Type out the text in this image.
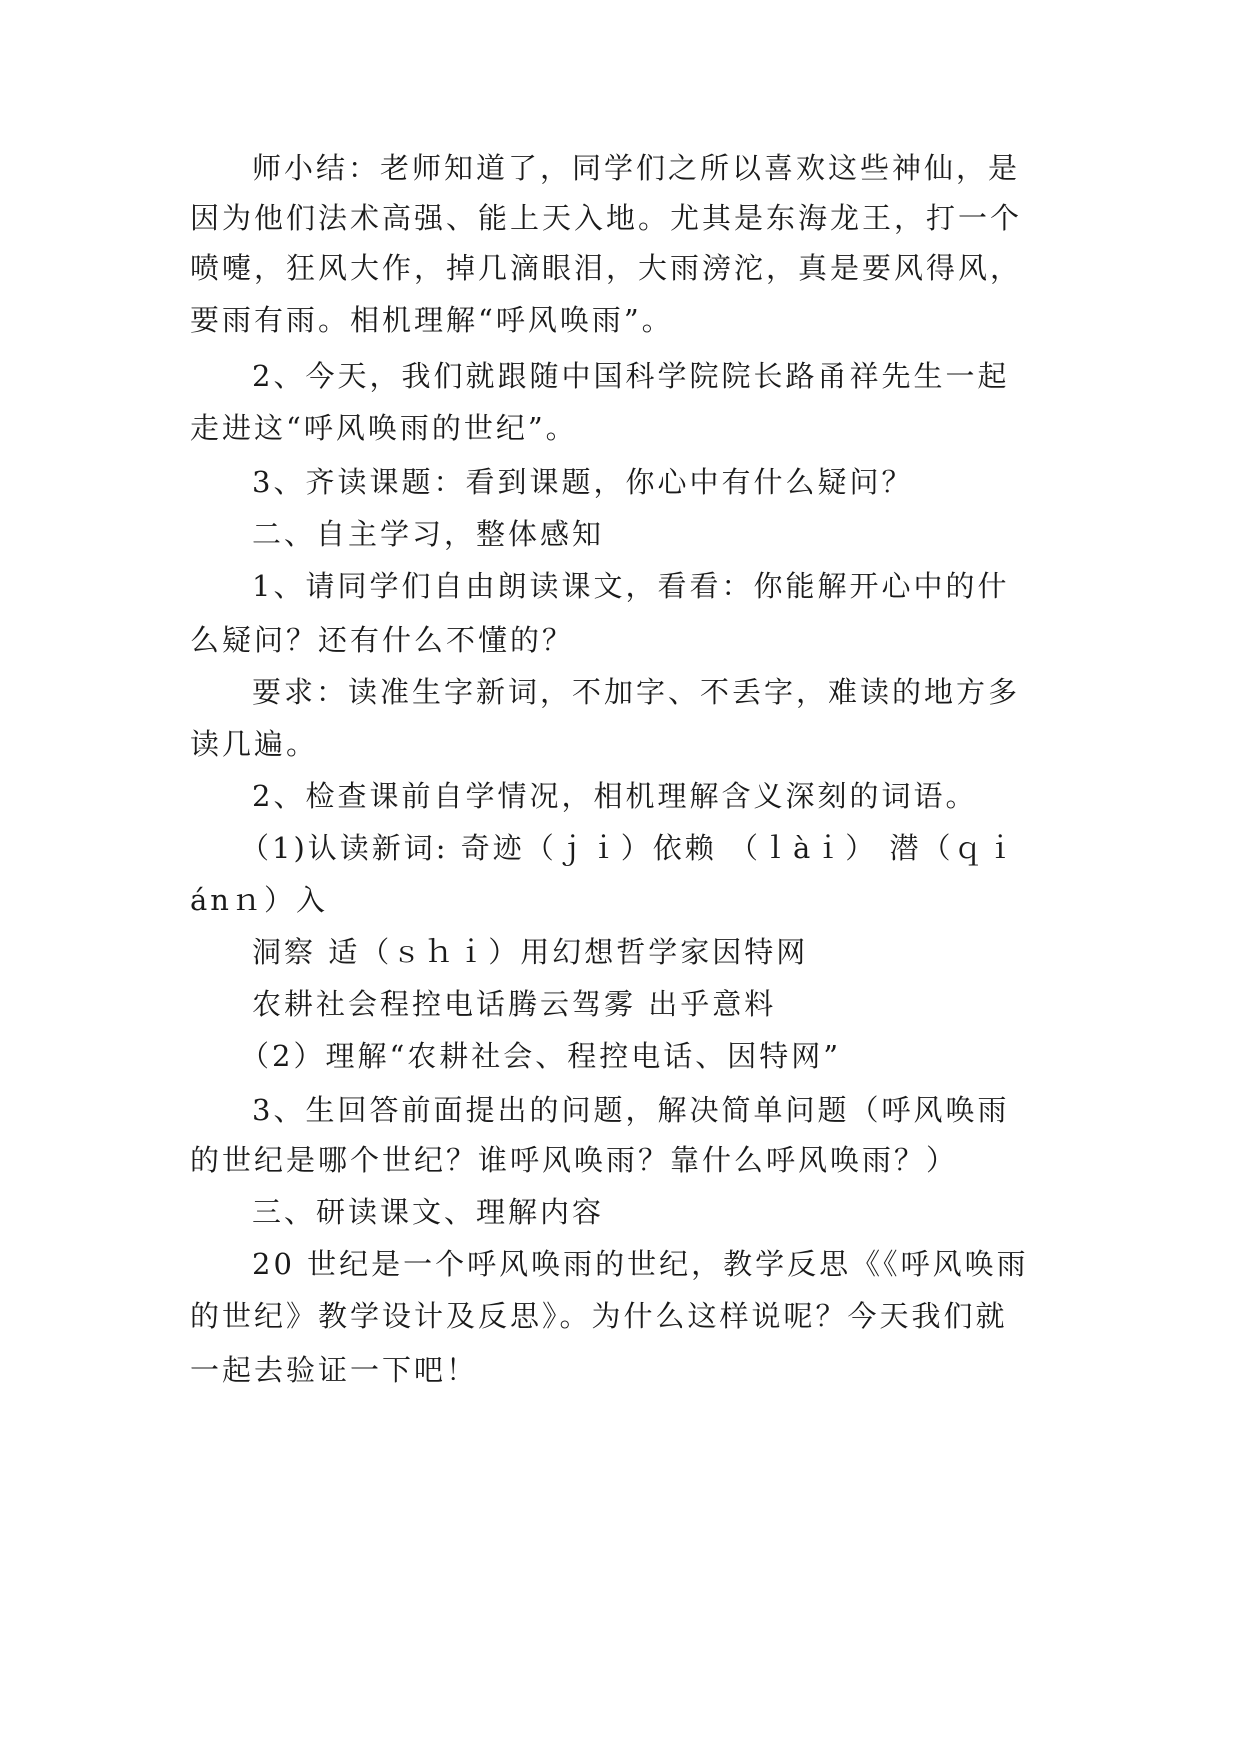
师小结：老师知道了，同学们之所以喜欢这些神仙，是
因为他们法术高强、能上天入地。尤其是东海龙王，打一个
喷嚏，狂风大作，掉几滴眼泪，大雨滂沱，真是要风得风，
要雨有雨。相机理解“呼风唤雨”。
2、今天，我们就跟随中国科学院院长路甬祥先生一起
走进这“呼风唤雨的世纪”。
3、齐读课题：看到课题，你心中有什么疑问？
二、自主学习，整体感知
1、请同学们自由朗读课文，看看：你能解开心中的什
么疑问？还有什么不懂的？
要求：读准生字新词，不加字、不丢字，难读的地方多
读几遍。
2、检查课前自学情况，相机理解含义深刻的词语。
（1)认读新词: 奇迹（ｊｉ）依赖 （ｌàｉ） 潜（ｑｉ
ánｎ）入
洞察 适（ｓｈｉ）用幻想哲学家因特网
农耕社会程控电话腾云驾雾 出乎意料
（2）理解“农耕社会、程控电话、因特网”
3、生回答前面提出的问题，解决简单问题（呼风唤雨
的世纪是哪个世纪？谁呼风唤雨？靠什么呼风唤雨？）
三、研读课文、理解内容
20 世纪是一个呼风唤雨的世纪，教学反思《《呼风唤雨
的世纪》教学设计及反思》。为什么这样说呢？今天我们就
一起去验证一下吧！
